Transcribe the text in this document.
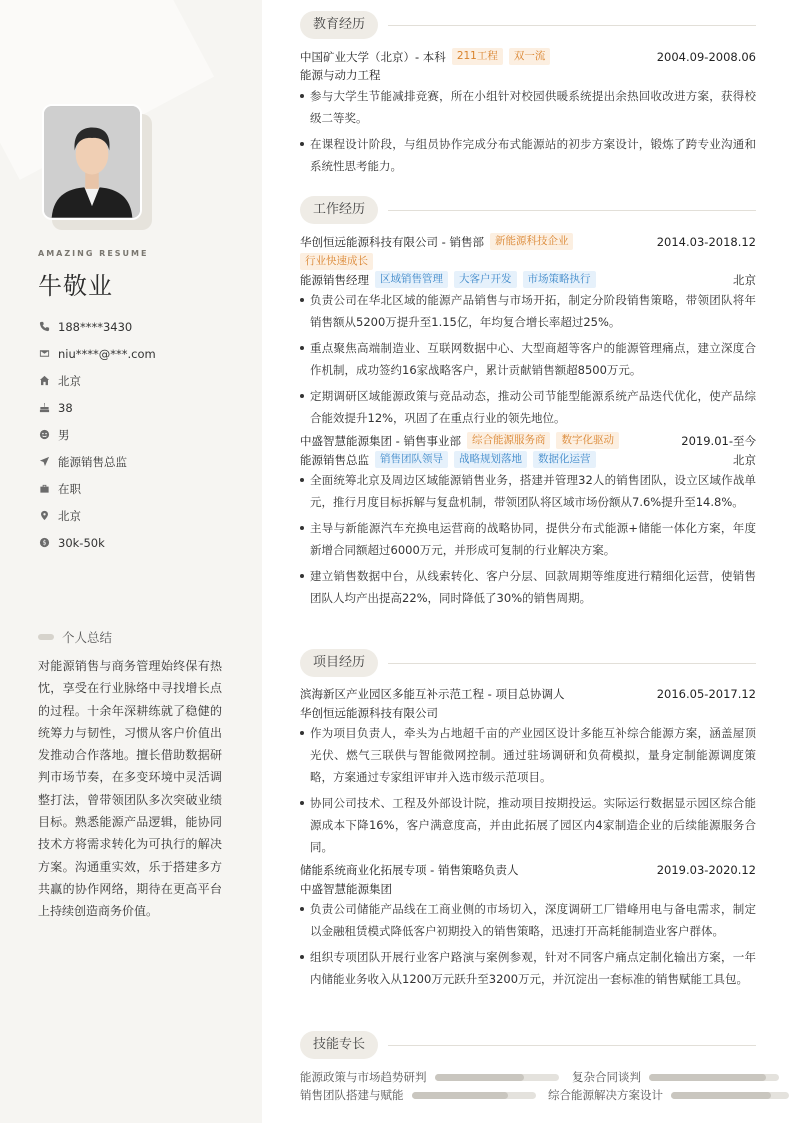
AMAZING RESUME
牛敬业
188****3430
niu****@***.com
北京
38
男
能源销售总监
在职
北京
$ 30k-50k
个人总结
对能源销售与商务管理始终保有热忱，享受在行业脉络中寻找增长点的过程。十余年深耕练就了稳健的统筹力与韧性，习惯从客户价值出发推动合作落地。擅长借助数据研判市场节奏，在多变环境中灵活调整打法，曾带领团队多次突破业绩目标。熟悉能源产品逻辑，能协同技术方将需求转化为可执行的解决方案。沟通重实效，乐于搭建多方共赢的协作网络，期待在更高平台上持续创造商务价值。
教育经历
中国矿业大学（北京）- 本科	211工程	双一流	2004.09-2008.06
能源与动力工程
参与大学生节能减排竞赛，所在小组针对校园供暖系统提出余热回收改进方案，获得校级二等奖。
在课程设计阶段，与组员协作完成分布式能源站的初步方案设计，锻炼了跨专业沟通和系统性思考能力。
工作经历
华创恒远能源科技有限公司 - 销售部	新能源科技企业	2014.03-2018.12
行业快速成长
能源销售经理	区域销售管理	大客户开发	市场策略执行	北京
负责公司在华北区域的能源产品销售与市场开拓，制定分阶段销售策略，带领团队将年销售额从5200万提升至1.15亿，年均复合增长率超过25%。
重点聚焦高端制造业、互联网数据中心、大型商超等客户的能源管理痛点，建立深度合作机制，成功签约16家战略客户，累计贡献销售额超8500万元。
定期调研区域能源政策与竞品动态，推动公司节能型能源系统产品迭代优化，使产品综合能效提升12%，巩固了在重点行业的领先地位。
中盛智慧能源集团 - 销售事业部	综合能源服务商	数字化驱动	2019.01-至今
能源销售总监	销售团队领导	战略规划落地	数据化运营	北京
全面统筹北京及周边区域能源销售业务，搭建并管理32人的销售团队，设立区域作战单元，推行月度目标拆解与复盘机制，带领团队将区域市场份额从7.6%提升至14.8%。
主导与新能源汽车充换电运营商的战略协同，提供分布式能源+储能一体化方案，年度新增合同额超过6000万元，并形成可复制的行业解决方案。
建立销售数据中台，从线索转化、客户分层、回款周期等维度进行精细化运营，使销售团队人均产出提高22%，同时降低了30%的销售周期。
项目经历
滨海新区产业园区多能互补示范工程 - 项目总协调人	2016.05-2017.12
华创恒远能源科技有限公司
作为项目负责人，牵头为占地超千亩的产业园区设计多能互补综合能源方案，涵盖屋顶光伏、燃气三联供与智能微网控制。通过驻场调研和负荷模拟，量身定制能源调度策略，方案通过专家组评审并入选市级示范项目。
协同公司技术、工程及外部设计院，推动项目按期投运。实际运行数据显示园区综合能源成本下降16%，客户满意度高，并由此拓展了园区内4家制造企业的后续能源服务合同。
储能系统商业化拓展专项 - 销售策略负责人	2019.03-2020.12
中盛智慧能源集团
负责公司储能产品线在工商业侧的市场切入，深度调研工厂错峰用电与备电需求，制定以金融租赁模式降低客户初期投入的销售策略，迅速打开高耗能制造业客户群体。
组织专项团队开展行业客户路演与案例参观，针对不同客户痛点定制化输出方案，一年内储能业务收入从1200万元跃升至3200万元，并沉淀出一套标准的销售赋能工具包。
技能专长
能源政策与市场趋势研判	复杂合同谈判
销售团队搭建与赋能	综合能源解决方案设计
